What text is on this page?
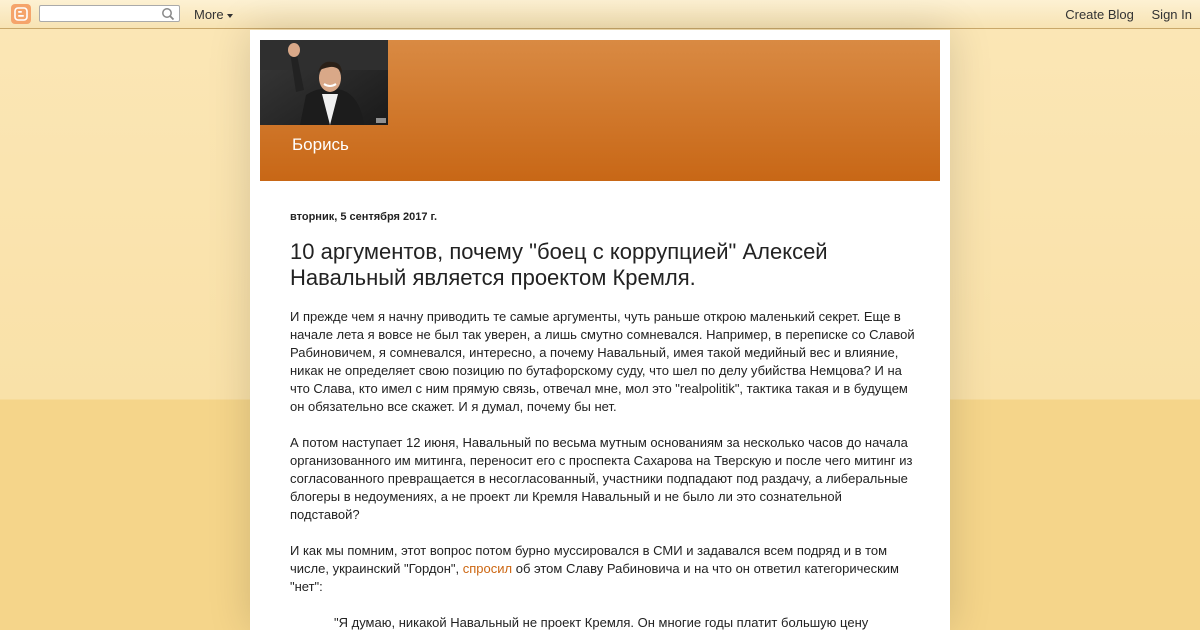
More	Create Blog Sign In
Борись
вторник, 5 сентября 2017 г.
10 аргументов, почему "боец с коррупцией" Алексей Навальный является проектом Кремля.

И прежде чем я начну приводить те самые аргументы, чуть раньше открою маленький секрет. Еще в начале лета я вовсе не был так уверен, а лишь смутно сомневался. Например, в переписке со Славой Рабиновичем, я сомневался, интересно, а почему Навальный, имея такой медийный вес и влияние, никак не определяет свою позицию по бутафорскому суду, что шел по делу убийства Немцова? И на что Слава, кто имел с ним прямую связь, отвечал мне, мол это "realpolitik", тактика такая и в будущем он обязательно все скажет. И я думал, почему бы нет.

А потом наступает 12 июня, Навальный по весьма мутным основаниям за несколько часов до начала организованного им митинга, переносит его с проспекта Сахарова на Тверскую и после чего митинг из согласованного превращается в несогласованный, участники подпадают под раздачу, а либеральные блогеры в недоумениях, а не проект ли Кремля Навальный и не было ли это сознательной подставой?

И как мы помним, этот вопрос потом бурно муссировался в СМИ и задавался всем подряд и в том числе, украинский "Гордон", спросил об этом Славу Рабиновича и на что он ответил категорическим "нет":

"Я думаю, никакой Навальный не проект Кремля. Он многие годы платит большую цену
